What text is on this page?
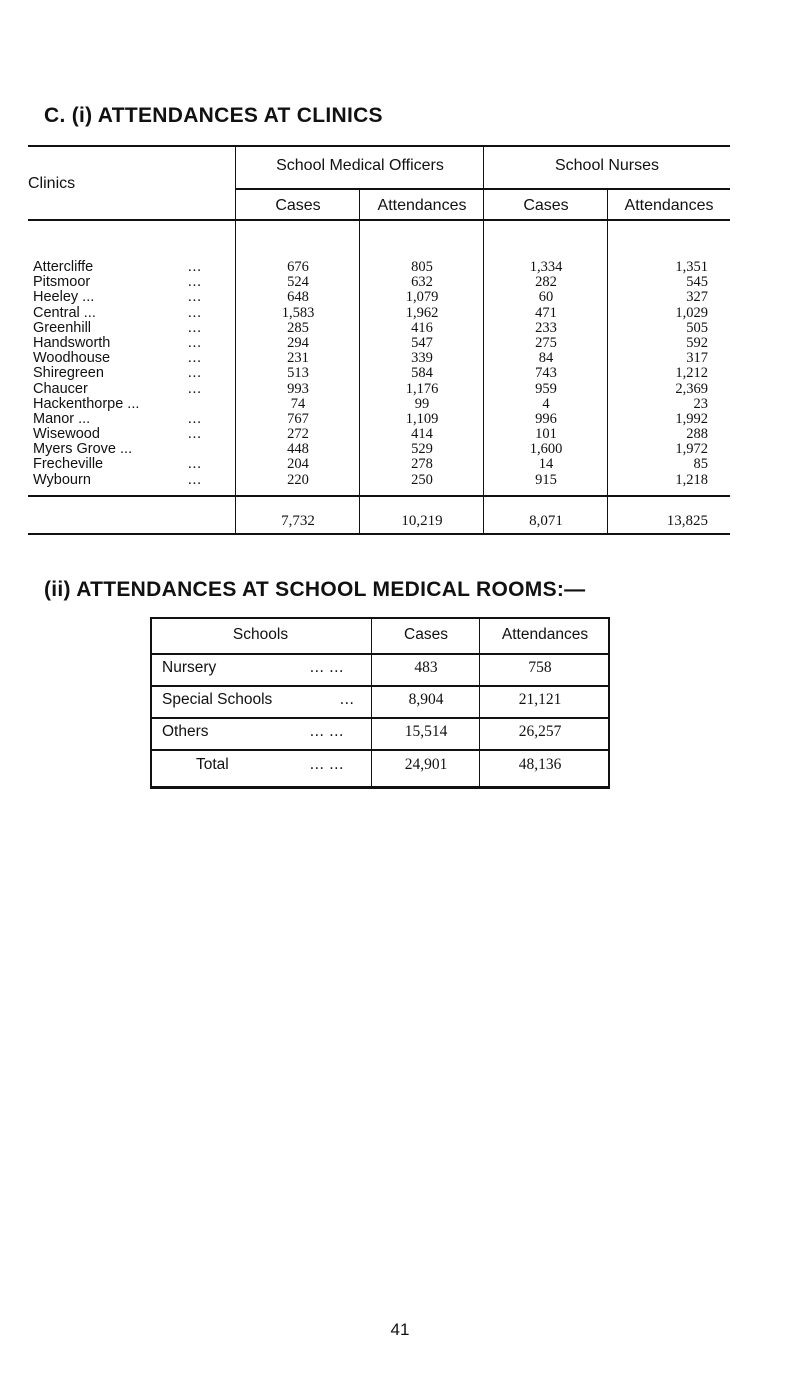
C. (i) ATTENDANCES AT CLINICS
Clinics
School Medical Officers	School Nurses
Cases	Attendances	Cases	Attendances
Attercliffe	...	676	805	1,334	1,351
Pitsmoor	...	524	632	282	545
Heeley ...	...	648	1,079	60	327
Central ...	...	1,583	1,962	471	1,029
Greenhill	...	285	416	233	505
Handsworth	...	294	547	275	592
Woodhouse	...	231	339	84	317
Shiregreen	...	513	584	743	1,212
Chaucer	...	993	1,176	959	2,369
Hackenthorpe ...	74	99	4	23
Manor ...	...	767	1,109	996	1,992
Wisewood	...	272	414	101	288
Myers Grove ...	448	529	1,600	1,972
Frecheville	...	204	278	14	85
Wybourn	...	220	250	915	1,218
7,732	10,219	8,071	13,825
(ii) ATTENDANCES AT SCHOOL MEDICAL ROOMS:—
Schools	Cases	Attendances
Nursery	... ...	483	758
Special Schools	...	8,904	21,121
Others	... ...	15,514	26,257
Total	... ...	24,901	48,136
41
